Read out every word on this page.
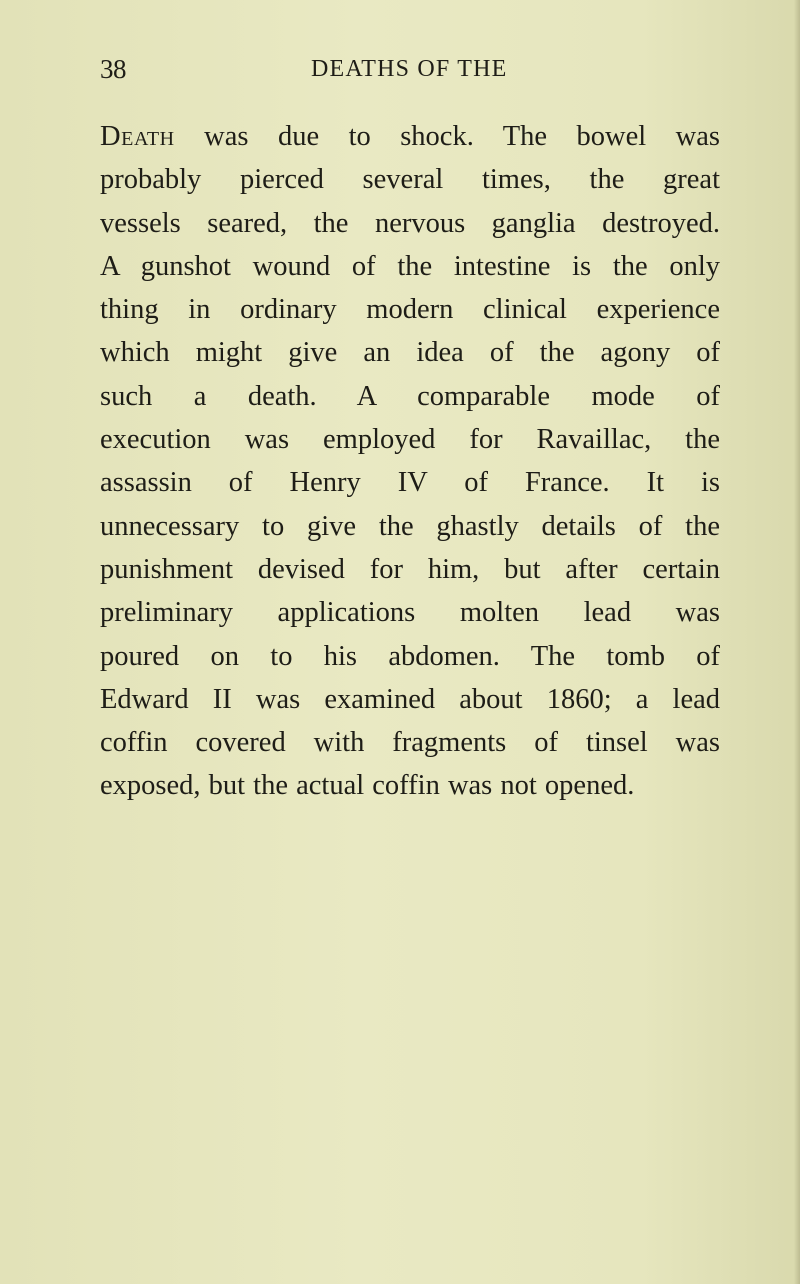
38	DEATHS OF THE
Death was due to shock. The bowel was
probably pierced several times, the great
vessels seared, the nervous ganglia destroyed.
A gunshot wound of the intestine is the only
thing in ordinary modern clinical experience
which might give an idea of the agony of
such a death. A comparable mode of
execution was employed for Ravaillac, the
assassin of Henry IV of France. It is
unnecessary to give the ghastly details of the
punishment devised for him, but after certain
preliminary applications molten lead was
poured on to his abdomen. The tomb of
Edward II was examined about 1860; a lead
coffin covered with fragments of tinsel was
exposed, but the actual coffin was not opened.
